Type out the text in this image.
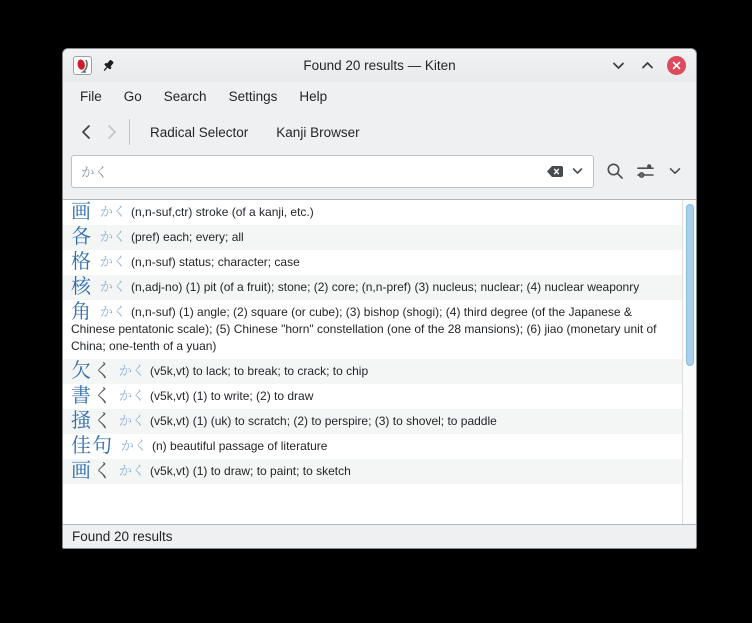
Found 20 results — Kiten
File	Go	Search	Settings	Help
Radical Selector	Kanji Browser
かく
画かく (n,n-suf,ctr) stroke (of a kanji, etc.)
各かく (pref) each; every; all
格かく (n,n-suf) status; character; case
核かく (n,adj-no) (1) pit (of a fruit); stone; (2) core; (n,n-pref) (3) nucleus; nuclear; (4) nuclear weaponry
角かく (n,n-suf) (1) angle; (2) square (or cube); (3) bishop (shogi); (4) third degree (of the Japanese & Chinese pentatonic scale); (5) Chinese "horn" constellation (one of the 28 mansions); (6) jiao (monetary unit of China; one-tenth of a yuan)
欠く かく (v5k,vt) to lack; to break; to crack; to chip
書く かく (v5k,vt) (1) to write; (2) to draw
掻く かく (v5k,vt) (1) (uk) to scratch; (2) to perspire; (3) to shovel; to paddle
佳句 かく (n) beautiful passage of literature
画く かく (v5k,vt) (1) to draw; to paint; to sketch
Found 20 results
